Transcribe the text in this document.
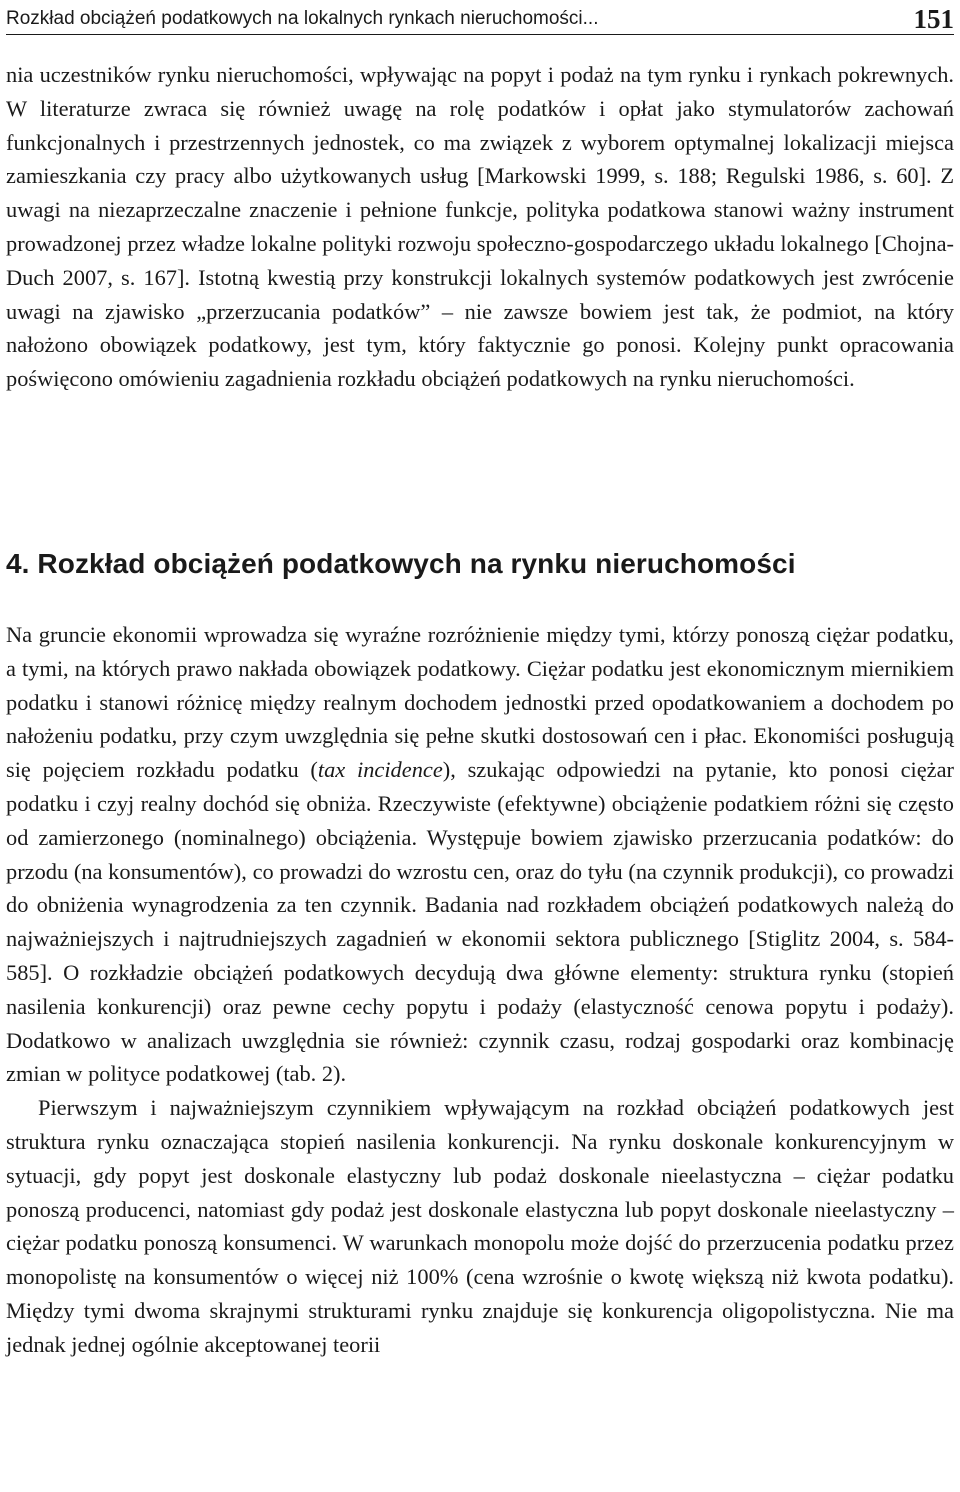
Rozkład obciążeń podatkowych na lokalnych rynkach nieruchomości...	151

nia uczestników rynku nieruchomości, wpływając na popyt i podaż na tym rynku i rynkach pokrewnych. W literaturze zwraca się również uwagę na rolę podatków i opłat jako stymulatorów zachowań funkcjonalnych i przestrzennych jednostek, co ma związek z wyborem optymalnej lokalizacji miejsca zamieszkania czy pracy albo użytkowanych usług [Markowski 1999, s. 188; Regulski 1986, s. 60]. Z uwagi na niezaprzeczalne znaczenie i pełnione funkcje, polityka podatkowa stanowi ważny instrument prowadzonej przez władze lokalne polityki rozwoju społeczno-gospodarczego układu lokalnego [Chojna-Duch 2007, s. 167]. Istotną kwestią przy konstrukcji lokalnych systemów podatkowych jest zwrócenie uwagi na zjawisko „przerzucania podatków” – nie zawsze bowiem jest tak, że podmiot, na który nałożono obowiązek podatkowy, jest tym, który faktycznie go ponosi. Kolejny punkt opracowania poświęcono omówieniu zagadnienia rozkładu obciążeń podatkowych na rynku nieruchomości.

4. Rozkład obciążeń podatkowych na rynku nieruchomości

Na gruncie ekonomii wprowadza się wyraźne rozróżnienie między tymi, którzy ponoszą ciężar podatku, a tymi, na których prawo nakłada obowiązek podatkowy. Ciężar podatku jest ekonomicznym miernikiem podatku i stanowi różnicę między realnym dochodem jednostki przed opodatkowaniem a dochodem po nałożeniu podatku, przy czym uwzględnia się pełne skutki dostosowań cen i płac. Ekonomiści posługują się pojęciem rozkładu podatku (tax incidence), szukając odpowiedzi na pytanie, kto ponosi ciężar podatku i czyj realny dochód się obniża. Rzeczywiste (efektywne) obciążenie podatkiem różni się często od zamierzonego (nominalnego) obciążenia. Występuje bowiem zjawisko przerzucania podatków: do przodu (na konsumentów), co prowadzi do wzrostu cen, oraz do tyłu (na czynnik produkcji), co prowadzi do obniżenia wynagrodzenia za ten czynnik. Badania nad rozkładem obciążeń podatkowych należą do najważniejszych i najtrudniejszych zagadnień w ekonomii sektora publicznego [Stiglitz 2004, s. 584-585]. O rozkładzie obciążeń podatkowych decydują dwa główne elementy: struktura rynku (stopień nasilenia konkurencji) oraz pewne cechy popytu i podaży (elastyczność cenowa popytu i podaży). Dodatkowo w analizach uwzględnia sie również: czynnik czasu, rodzaj gospodarki oraz kombinację zmian w polityce podatkowej (tab. 2).

Pierwszym i najważniejszym czynnikiem wpływającym na rozkład obciążeń podatkowych jest struktura rynku oznaczająca stopień nasilenia konkurencji. Na rynku doskonale konkurencyjnym w sytuacji, gdy popyt jest doskonale elastyczny lub podaż doskonale nieelastyczna – ciężar podatku ponoszą producenci, natomiast gdy podaż jest doskonale elastyczna lub popyt doskonale nieelastyczny – ciężar podatku ponoszą konsumenci. W warunkach monopolu może dojść do przerzucenia podatku przez monopolistę na konsumentów o więcej niż 100% (cena wzrośnie o kwotę większą niż kwota podatku). Między tymi dwoma skrajnymi strukturami rynku znajduje się konkurencja oligopolistyczna. Nie ma jednak jednej ogólnie akceptowanej teorii
